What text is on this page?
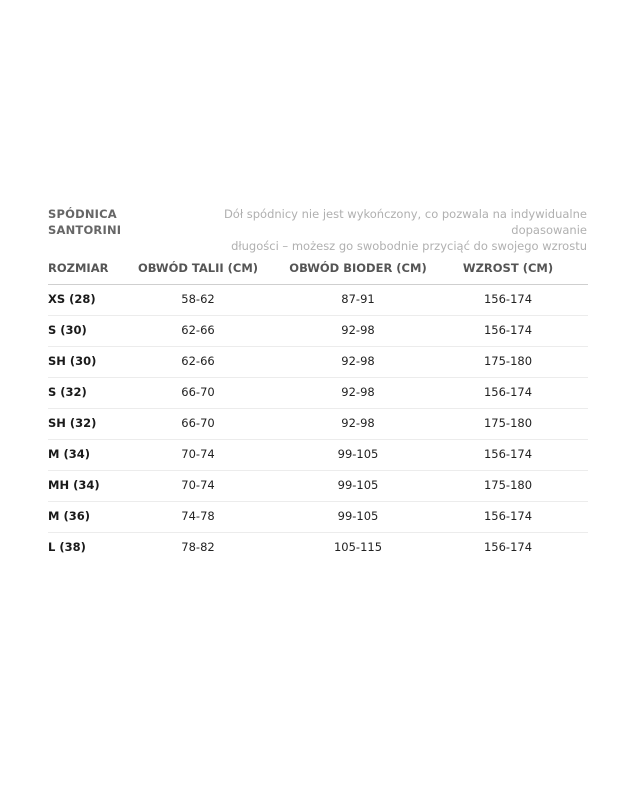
SPÓDNICA
SANTORINI
Dół spódnicy nie jest wykończony, co pozwala na indywidualne dopasowanie
długości – możesz go swobodnie przyciąć do swojego wzrostu
ROZMIAR	OBWÓD TALII (CM)	OBWÓD BIODER (CM)	WZROST (CM)
XS (28)	58-62	87-91	156-174
S (30)	62-66	92-98	156-174
SH (30)	62-66	92-98	175-180
S (32)	66-70	92-98	156-174
SH (32)	66-70	92-98	175-180
M (34)	70-74	99-105	156-174
MH (34)	70-74	99-105	175-180
M (36)	74-78	99-105	156-174
L (38)	78-82	105-115	156-174
